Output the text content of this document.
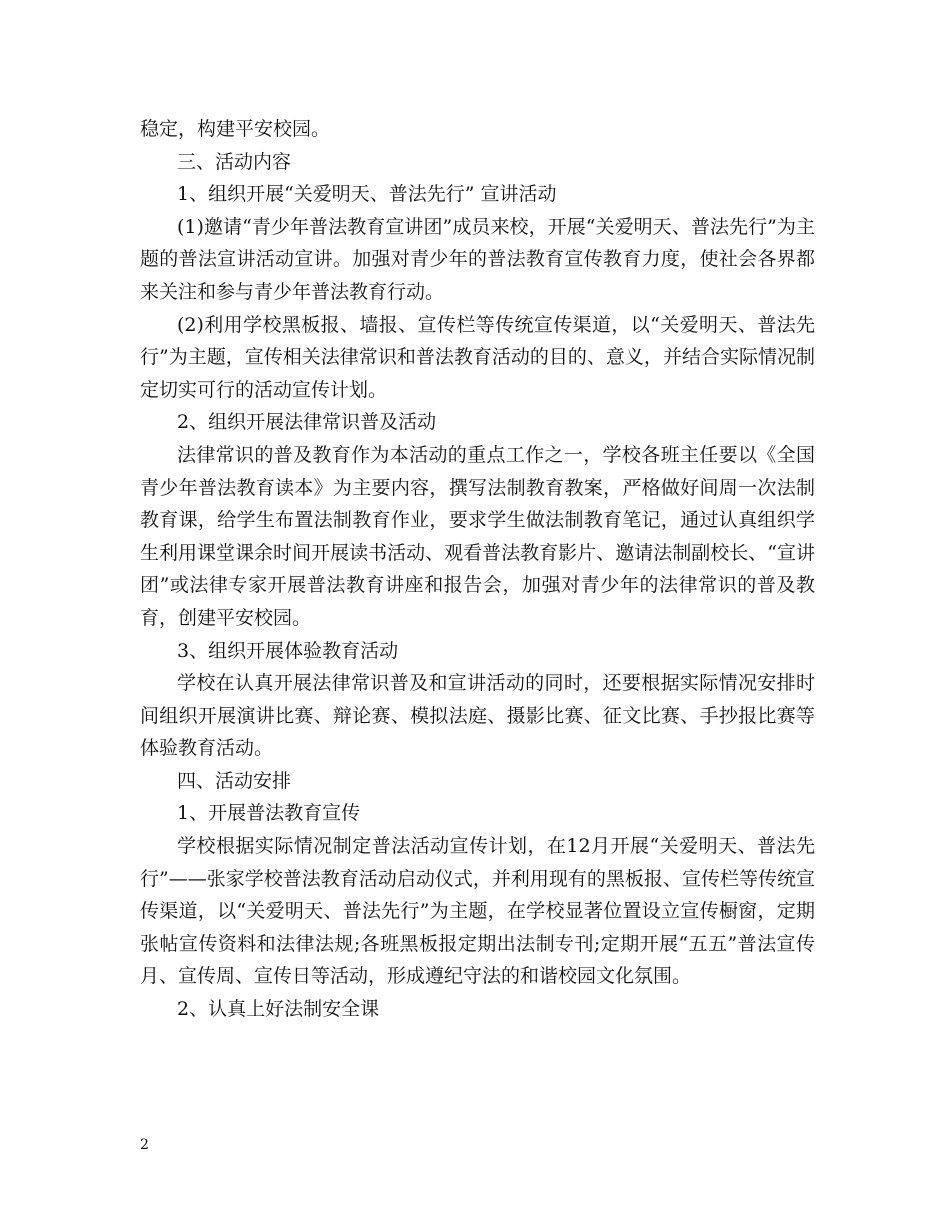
稳定，构建平安校园。

三、活动内容

1、组织开展“关爱明天、普法先行” 宣讲活动

(1)邀请“青少年普法教育宣讲团”成员来校，开展“关爱明天、普法先行”为主题的普法宣讲活动宣讲。加强对青少年的普法教育宣传教育力度，使社会各界都来关注和参与青少年普法教育行动。

(2)利用学校黑板报、墙报、宣传栏等传统宣传渠道，以“关爱明天、普法先行”为主题，宣传相关法律常识和普法教育活动的目的、意义，并结合实际情况制定切实可行的活动宣传计划。

2、组织开展法律常识普及活动

法律常识的普及教育作为本活动的重点工作之一，学校各班主任要以《全国青少年普法教育读本》为主要内容，撰写法制教育教案，严格做好间周一次法制教育课，给学生布置法制教育作业，要求学生做法制教育笔记，通过认真组织学生利用课堂课余时间开展读书活动、观看普法教育影片、邀请法制副校长、“宣讲团”或法律专家开展普法教育讲座和报告会，加强对青少年的法律常识的普及教育，创建平安校园。

3、组织开展体验教育活动

学校在认真开展法律常识普及和宣讲活动的同时，还要根据实际情况安排时间组织开展演讲比赛、辩论赛、模拟法庭、摄影比赛、征文比赛、手抄报比赛等体验教育活动。

四、活动安排

1、开展普法教育宣传

学校根据实际情况制定普法活动宣传计划，在12月开展“关爱明天、普法先行”——张家学校普法教育活动启动仪式，并利用现有的黑板报、宣传栏等传统宣传渠道，以“关爱明天、普法先行”为主题，在学校显著位置设立宣传橱窗，定期张帖宣传资料和法律法规;各班黑板报定期出法制专刊;定期开展“五五”普法宣传月、宣传周、宣传日等活动，形成遵纪守法的和谐校园文化氛围。

2、认真上好法制安全课

2
